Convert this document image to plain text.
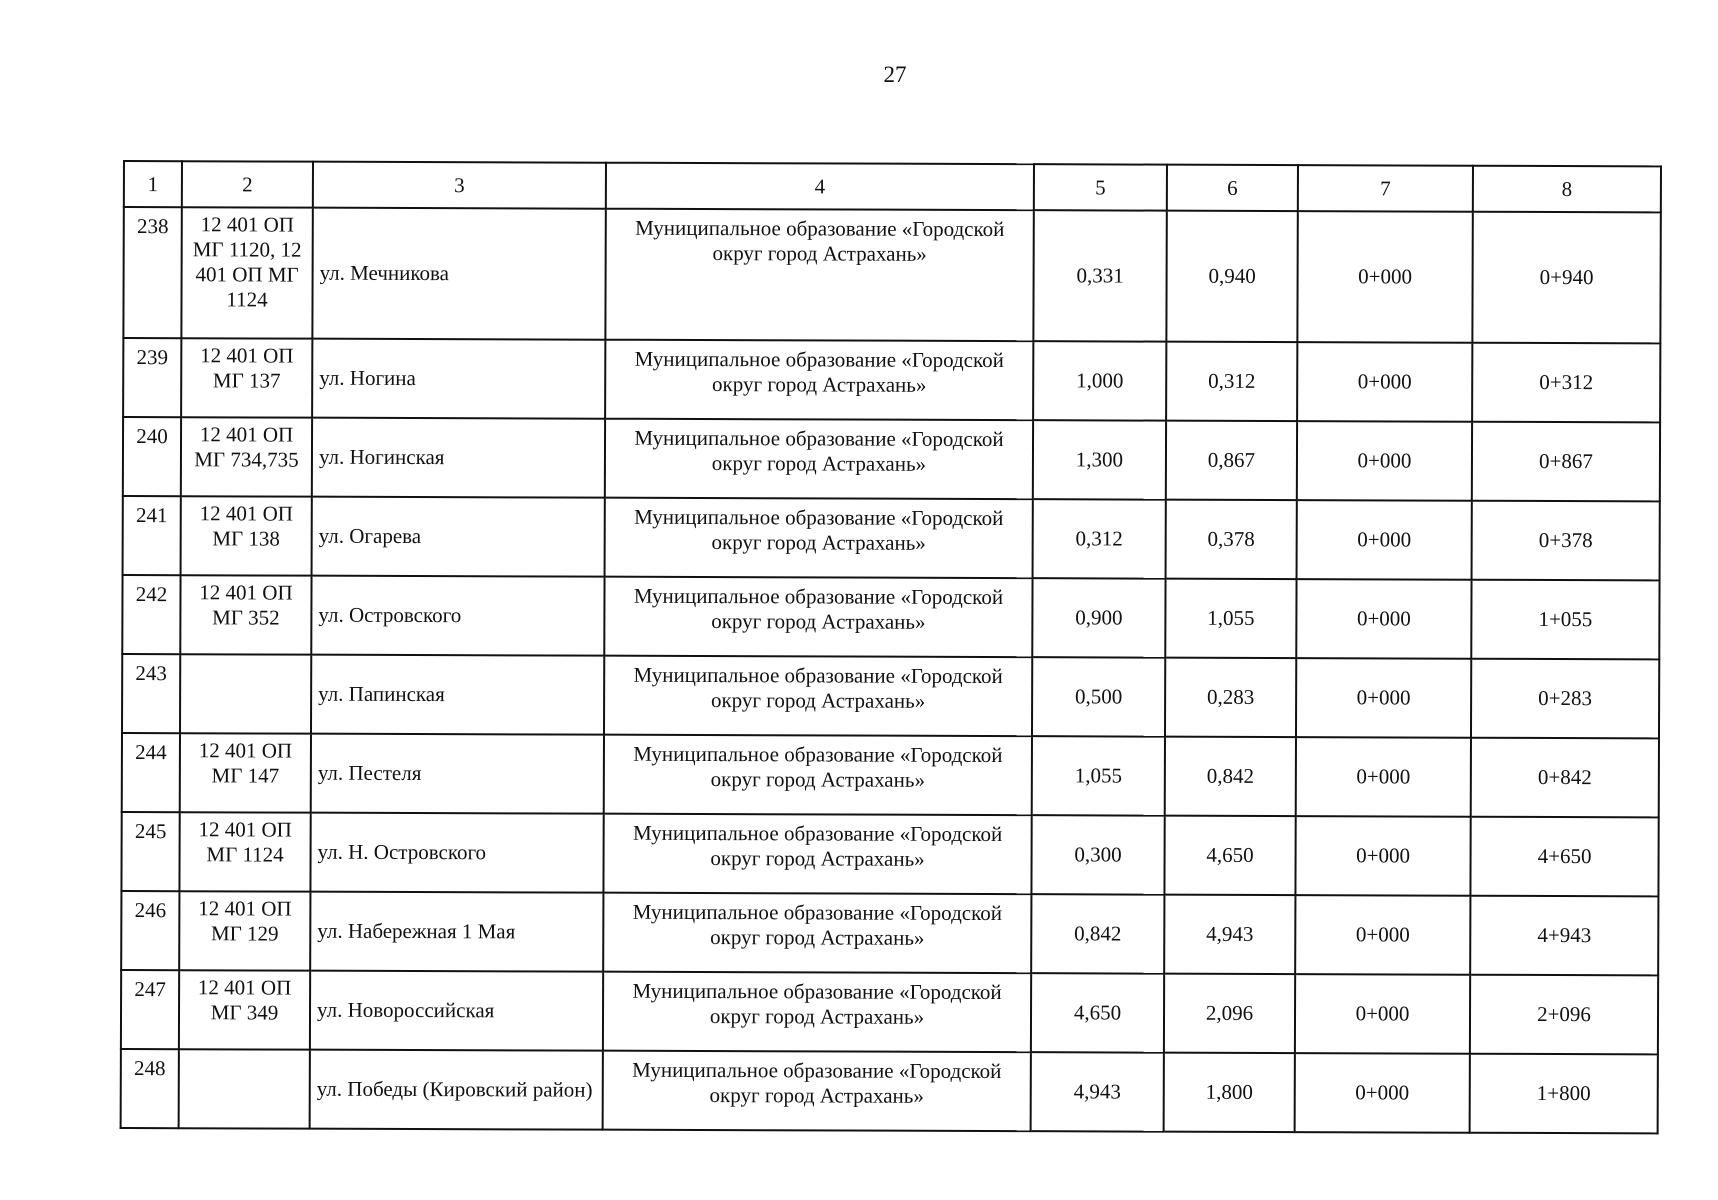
27
1	2	3	4	5	6	7	8
238	12 401 ОП МГ 1120, 12 401 ОП МГ 1124	ул. Мечникова	Муниципальное образование «Городской округ город Астрахань»	0,331	0,940	0+000	0+940
239	12 401 ОП МГ 137	ул. Ногина	Муниципальное образование «Городской округ город Астрахань»	1,000	0,312	0+000	0+312
240	12 401 ОП МГ 734,735	ул. Ногинская	Муниципальное образование «Городской округ город Астрахань»	1,300	0,867	0+000	0+867
241	12 401 ОП МГ 138	ул. Огарева	Муниципальное образование «Городской округ город Астрахань»	0,312	0,378	0+000	0+378
242	12 401 ОП МГ 352	ул. Островского	Муниципальное образование «Городской округ город Астрахань»	0,900	1,055	0+000	1+055
243		ул. Папинская	Муниципальное образование «Городской округ город Астрахань»	0,500	0,283	0+000	0+283
244	12 401 ОП МГ 147	ул. Пестеля	Муниципальное образование «Городской округ город Астрахань»	1,055	0,842	0+000	0+842
245	12 401 ОП МГ 1124	ул. Н. Островского	Муниципальное образование «Городской округ город Астрахань»	0,300	4,650	0+000	4+650
246	12 401 ОП МГ 129	ул. Набережная 1 Мая	Муниципальное образование «Городской округ город Астрахань»	0,842	4,943	0+000	4+943
247	12 401 ОП МГ 349	ул. Новороссийская	Муниципальное образование «Городской округ город Астрахань»	4,650	2,096	0+000	2+096
248		ул. Победы (Кировский район)	Муниципальное образование «Городской округ город Астрахань»	4,943	1,800	0+000	1+800
